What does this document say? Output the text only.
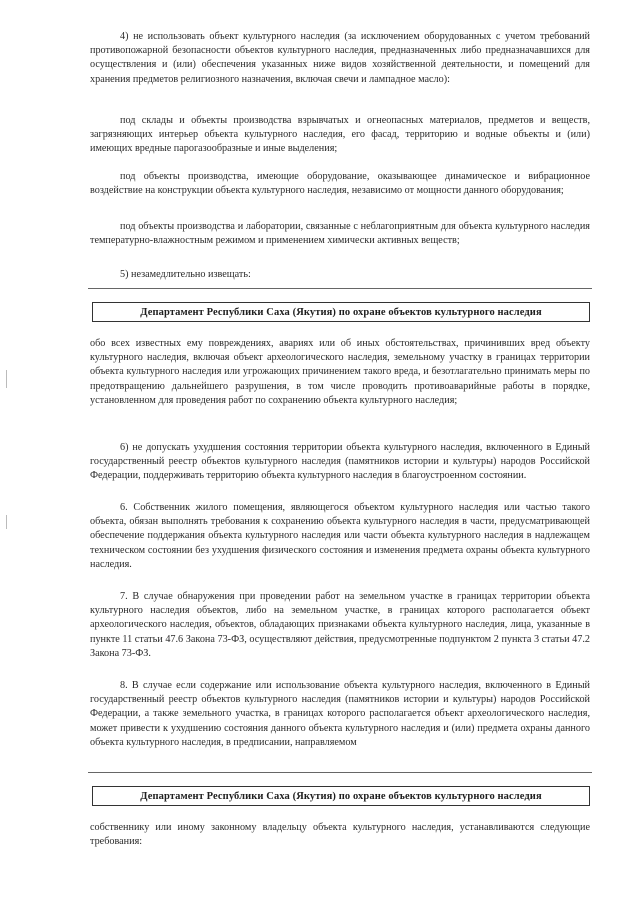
4) не использовать объект культурного наследия (за исключением оборудованных с учетом требований противопожарной безопасности объектов культурного наследия, предназначенных либо предназначавшихся для осуществления и (или) обеспечения указанных ниже видов хозяйственной деятельности, и помещений для хранения предметов религиозного назначения, включая свечи и лампадное масло):

под склады и объекты производства взрывчатых и огнеопасных материалов, предметов и веществ, загрязняющих интерьер объекта культурного наследия, его фасад, территорию и водные объекты и (или) имеющих вредные парогазообразные и иные выделения;

под объекты производства, имеющие оборудование, оказывающее динамическое и вибрационное воздействие на конструкции объекта культурного наследия, независимо от мощности данного оборудования;

под объекты производства и лаборатории, связанные с неблагоприятным для объекта культурного наследия температурно-влажностным режимом и применением химически активных веществ;

5) незамедлительно извещать:

Департамент Республики Саха (Якутия) по охране объектов культурного наследия

обо всех известных ему повреждениях, авариях или об иных обстоятельствах, причинивших вред объекту культурного наследия, включая объект археологического наследия, земельному участку в границах территории объекта культурного наследия или угрожающих причинением такого вреда, и безотлагательно принимать меры по предотвращению дальнейшего разрушения, в том числе проводить противоаварийные работы в порядке, установленном для проведения работ по сохранению объекта культурного наследия;

6) не допускать ухудшения состояния территории объекта культурного наследия, включенного в Единый государственный реестр объектов культурного наследия (памятников истории и культуры) народов Российской Федерации, поддерживать территорию объекта культурного наследия в благоустроенном состоянии.

6. Собственник жилого помещения, являющегося объектом культурного наследия или частью такого объекта, обязан выполнять требования к сохранению объекта культурного наследия в части, предусматривающей обеспечение поддержания объекта культурного наследия или части объекта культурного наследия в надлежащем техническом состоянии без ухудшения физического состояния и изменения предмета охраны объекта культурного наследия.

7. В случае обнаружения при проведении работ на земельном участке в границах территории объекта культурного наследия объектов, либо на земельном участке, в границах которого располагается объект археологического наследия, объектов, обладающих признаками объекта культурного наследия, лица, указанные в пункте 11 статьи 47.6 Закона 73-ФЗ, осуществляют действия, предусмотренные подпунктом 2 пункта 3 статьи 47.2 Закона 73-ФЗ.

8. В случае если содержание или использование объекта культурного наследия, включенного в Единый государственный реестр объектов культурного наследия (памятников истории и культуры) народов Российской Федерации, а также земельного участка, в границах которого располагается объект археологического наследия, может привести к ухудшению состояния данного объекта культурного наследия и (или) предмета охраны данного объекта культурного наследия, в предписании, направляемом

Департамент Республики Саха (Якутия) по охране объектов культурного наследия

собственнику или иному законному владельцу объекта культурного наследия, устанавливаются следующие требования:
